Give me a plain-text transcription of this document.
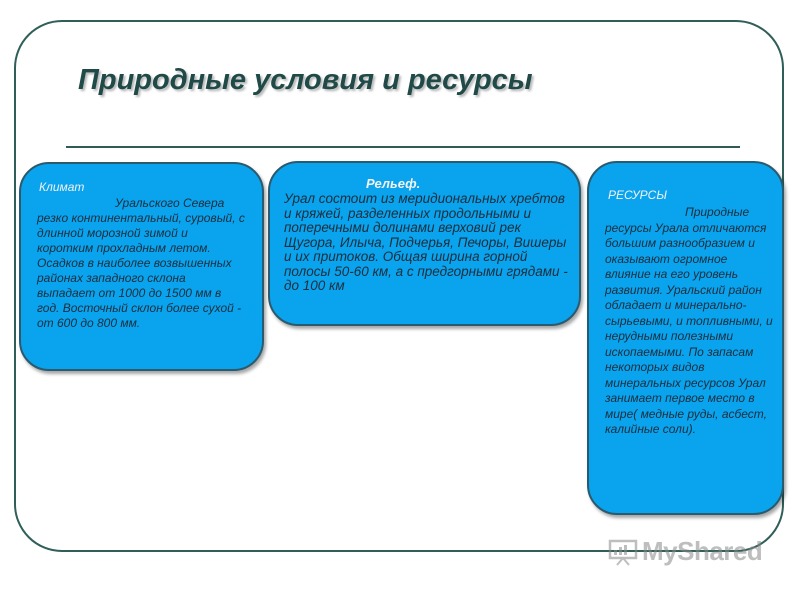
Природные условия и ресурсы
Климат
Уральского Севера резко континентальный, суровый, с длинной морозной зимой и коротким прохладным летом. Осадков в наиболее возвышенных районах западного склона выпадает от 1000 до 1500 мм в год. Восточный склон более сухой - от 600 до 800 мм.
Рельеф.
Урал состоит из меридиональных хребтов и кряжей, разделенных продольными и поперечными долинами верховий рек Щугора, Илыча, Подчерья, Печоры, Вишеры и их притоков. Общая ширина горной полосы 50-60 км, а с предгорными грядами - до 100 км
РЕСУРСЫ
Природные ресурсы Урала отличаются большим разнообразием и оказывают огромное влияние на его уровень развития. Уральский район обладает и минерально-сырьевыми, и топливными, и нерудными полезными ископаемыми. По запасам некоторых видов минеральных ресурсов Урал занимает первое место в мире( медные руды, асбест, калийные соли).
MyShared
